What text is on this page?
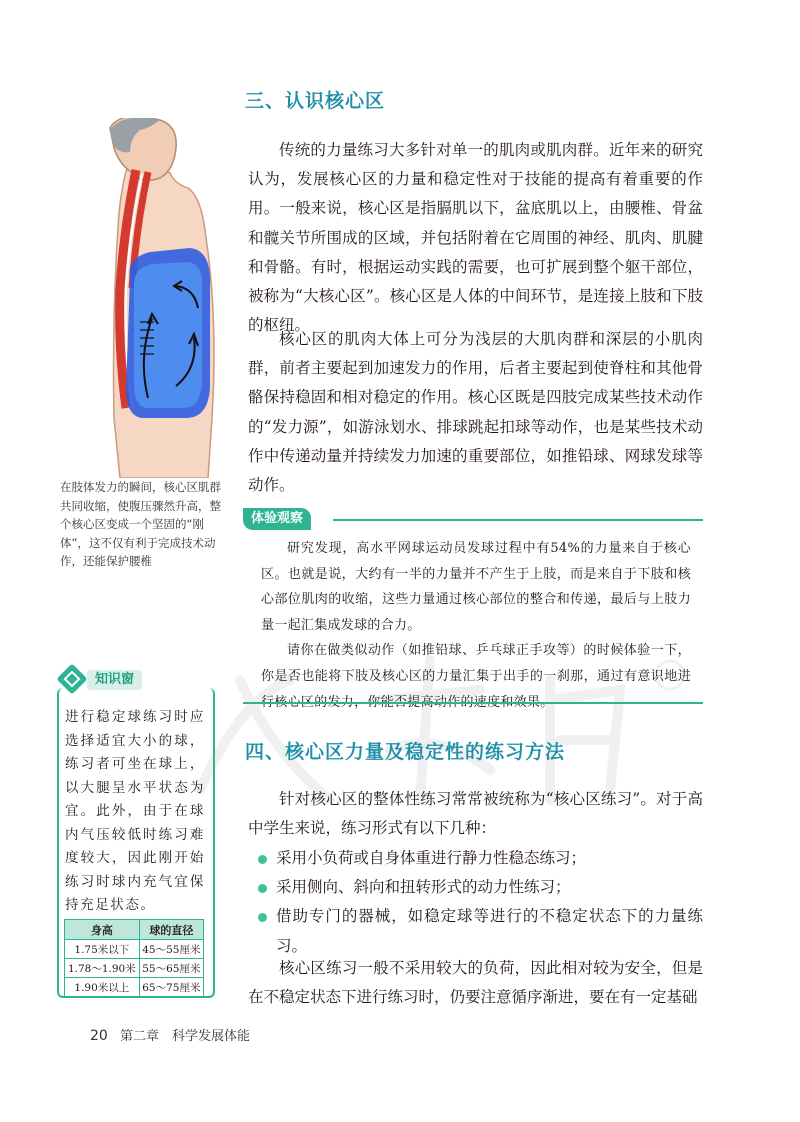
三、认识核心区
在肢体发力的瞬间，核心区肌群共同收缩，使腹压骤然升高，整个核心区变成一个坚固的“刚体”，这不仅有利于完成技术动作，还能保护腰椎
传统的力量练习大多针对单一的肌肉或肌肉群。近年来的研究认为，发展核心区的力量和稳定性对于技能的提高有着重要的作用。一般来说，核心区是指膈肌以下，盆底肌以上，由腰椎、骨盆和髋关节所围成的区域，并包括附着在它周围的神经、肌肉、肌腱和骨骼。有时，根据运动实践的需要，也可扩展到整个躯干部位，被称为“大核心区”。核心区是人体的中间环节，是连接上肢和下肢的枢纽。
核心区的肌肉大体上可分为浅层的大肌肉群和深层的小肌肉群，前者主要起到加速发力的作用，后者主要起到使脊柱和其他骨骼保持稳固和相对稳定的作用。核心区既是四肢完成某些技术动作的“发力源”，如游泳划水、排球跳起扣球等动作，也是某些技术动作中传递动量并持续发力加速的重要部位，如推铅球、网球发球等动作。
体验观察

研究发现，高水平网球运动员发球过程中有54%的力量来自于核心区。也就是说，大约有一半的力量并不产生于上肢，而是来自于下肢和核心部位肌肉的收缩，这些力量通过核心部位的整合和传递，最后与上肢力量一起汇集成发球的合力。

请你在做类似动作（如推铅球、乒乓球正手攻等）的时候体验一下，你是否也能将下肢及核心区的力量汇集于出手的一刹那，通过有意识地进

知识窗
进行稳定球练习时应选择适宜大小的球，练习者可坐在球上，以大腿呈水平状态为宜。此外，由于在球内气压较低时练习难度较大，因此刚开始练习时球内充气宜保持充足状态。
身高	球的直径
1.75米以下	45～55厘米
1.78～1.90米	55～65厘米
1.90米以上	65～75厘米
四、核心区力量及稳定性的练习方法
针对核心区的整体性练习常常被统称为“核心区练习”。对于高中学生来说，练习形式有以下几种：
采用小负荷或自身体重进行静力性稳态练习；
采用侧向、斜向和扭转形式的动力性练习；
借助专门的器械，如稳定球等进行的不稳定状态下的力量练习。
核心区练习一般不采用较大的负荷，因此相对较为安全，但是在不稳定状态下进行练习时，仍要注意循序渐进，要在有一定基础
20 第二章　科学发展体能
